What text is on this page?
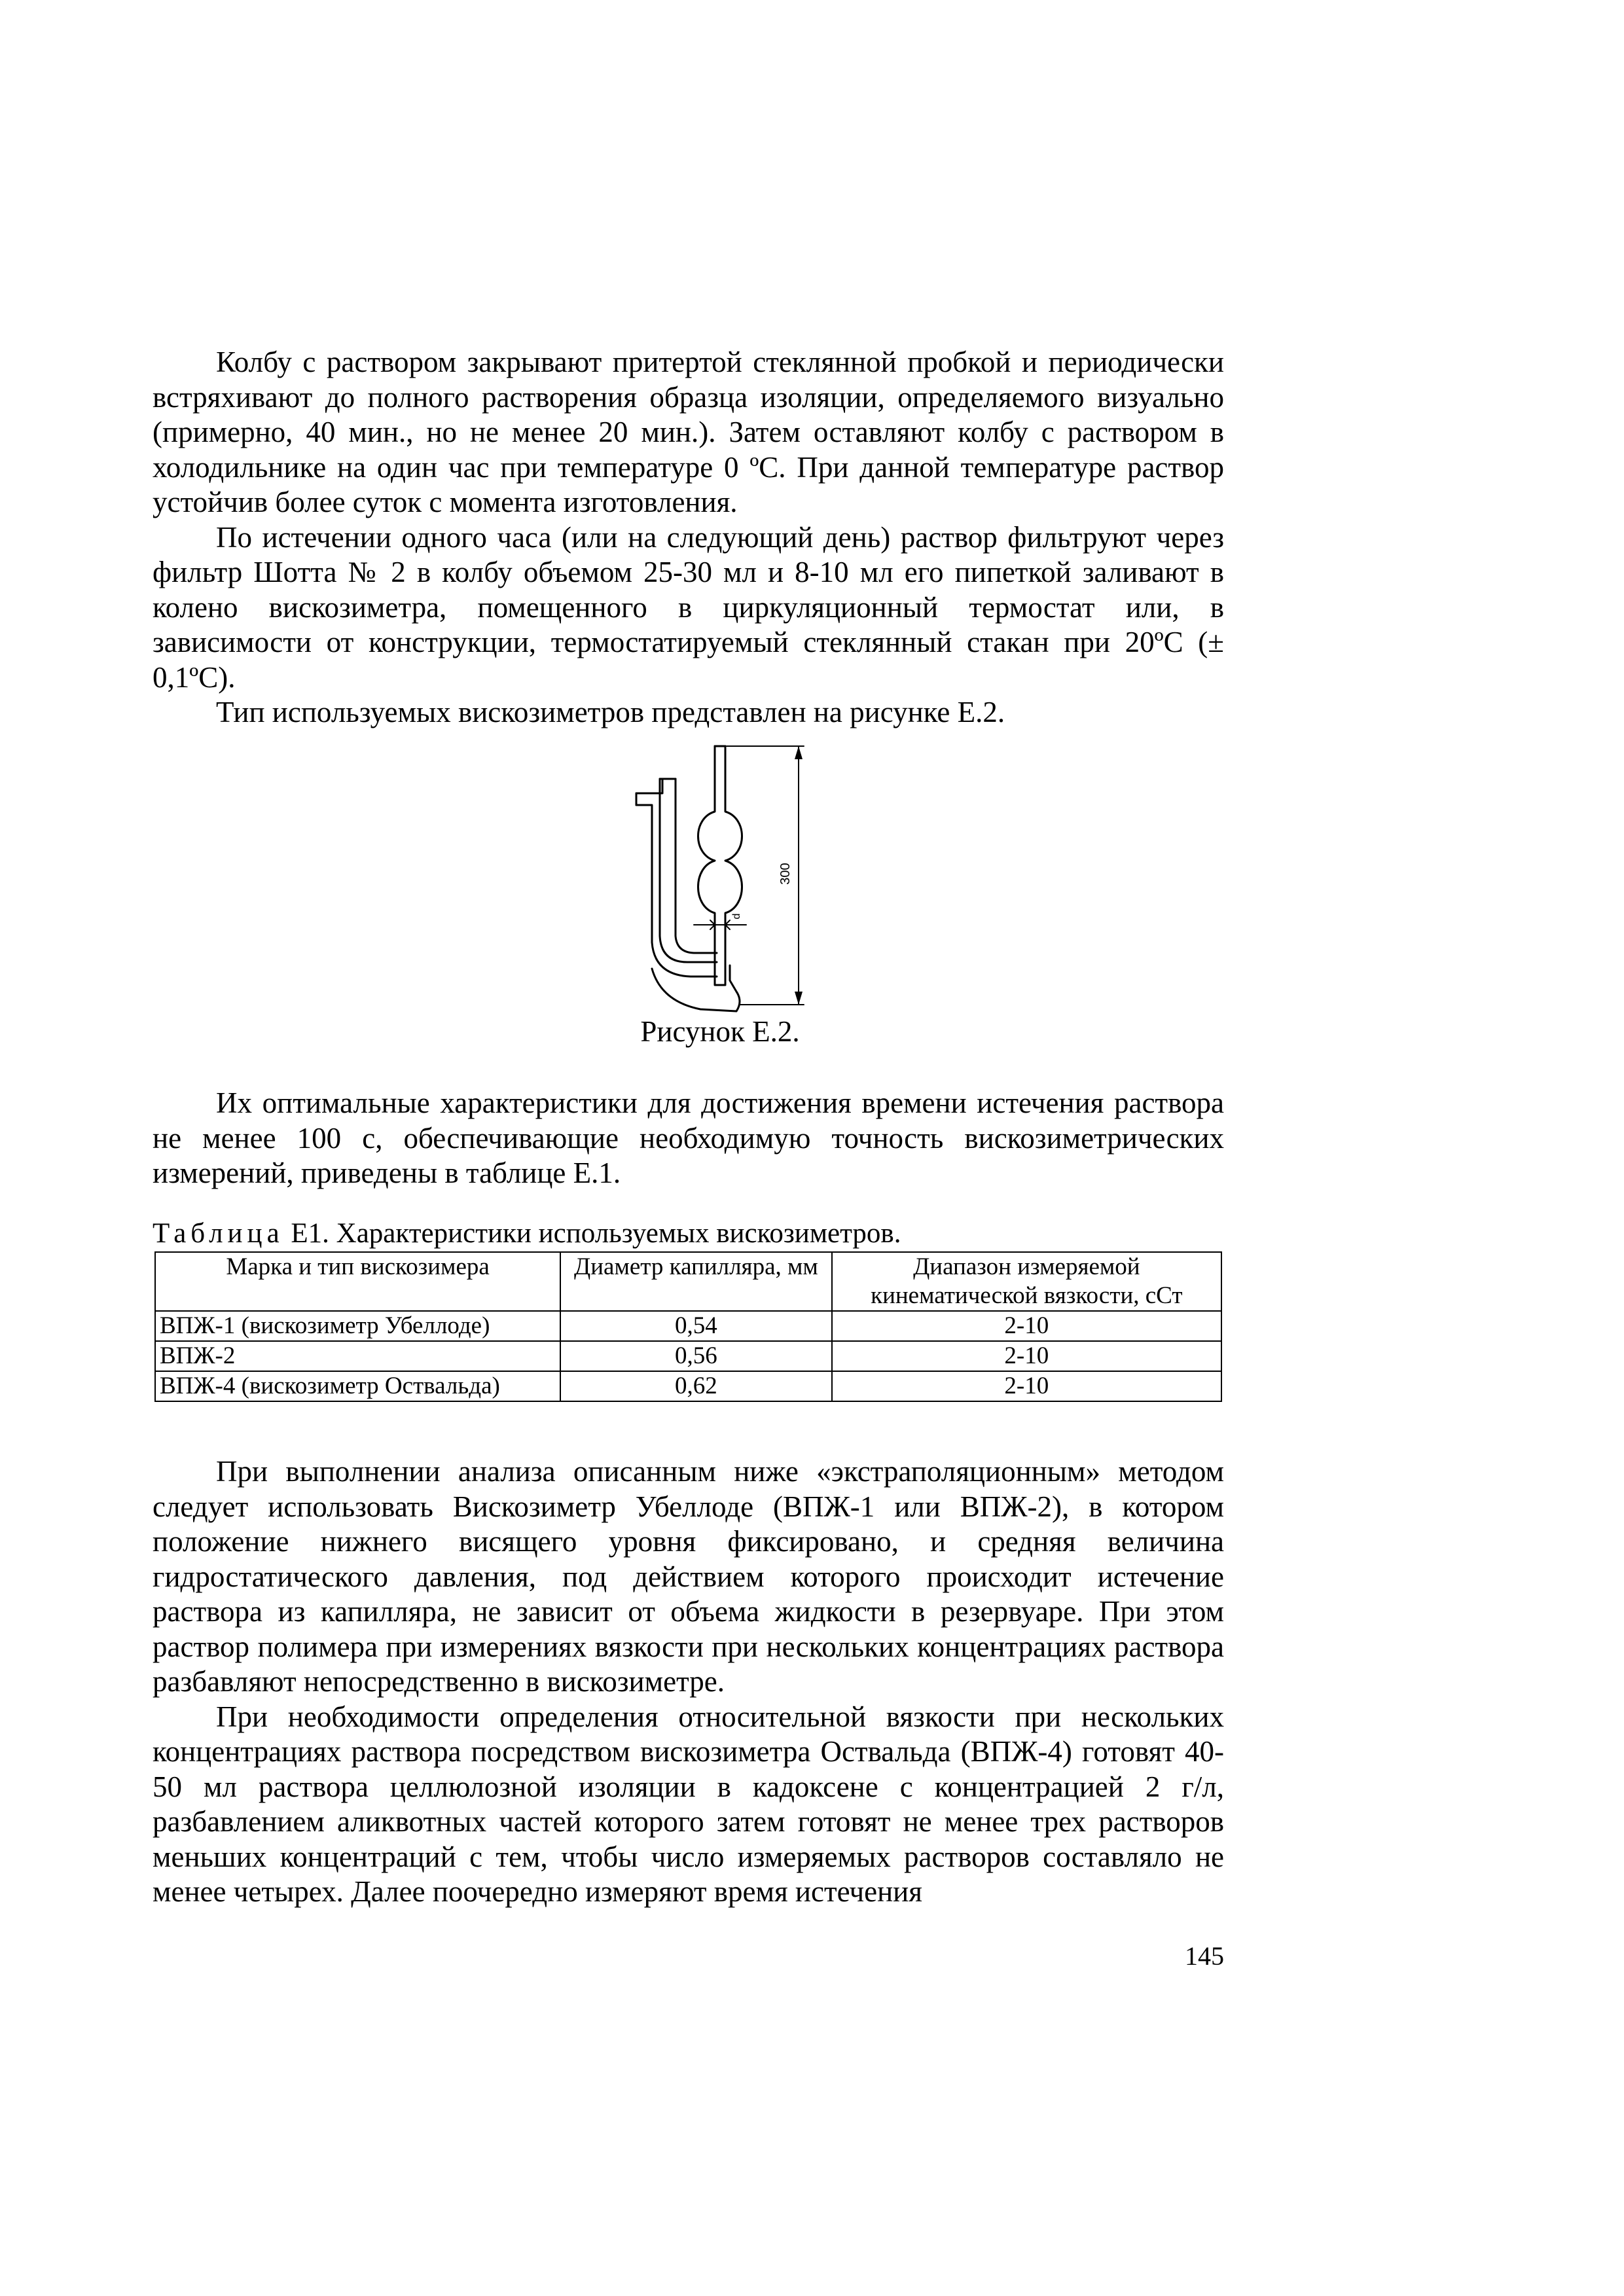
Колбу с раствором закрывают притертой стеклянной пробкой и периодически встряхивают до полного растворения образца изоляции, определяемого визуально (примерно, 40 мин., но не менее 20 мин.). Затем оставляют колбу с раствором в холодильнике на один час при температуре 0 ºС. При данной температуре раствор устойчив более суток с момента изготовления.

По истечении одного часа (или на следующий день) раствор фильтруют через фильтр Шотта № 2 в колбу объемом 25-30 мл и 8-10 мл его пипеткой заливают в колено вискозиметра, помещенного в циркуляционный термостат или, в зависимости от конструкции, термостатируемый стеклянный стакан при 20ºС (± 0,1ºС).

Тип используемых вискозиметров представлен на рисунке Е.2.

300
d
Рисунок Е.2.

Их оптимальные характеристики для достижения времени истечения раствора не менее 100 с, обеспечивающие необходимую точность вискозиметрических измерений, приведены в таблице Е.1.

Таблица Е1. Характеристики используемых вискозиметров.
Марка и тип вискозимера	Диаметр капилляра, мм	Диапазон измеряемой кинематической вязкости, сСт
ВПЖ-1 (вискозиметр Убеллоде)	0,54	2-10
ВПЖ-2	0,56	2-10
ВПЖ-4 (вискозиметр Оствальда)	0,62	2-10

При выполнении анализа описанным ниже «экстраполяционным» методом следует использовать Вискозиметр Убеллоде (ВПЖ-1 или ВПЖ-2), в котором положение нижнего висящего уровня фиксировано, и средняя величина гидростатического давления, под действием которого происходит истечение раствора из капилляра, не зависит от объема жидкости в резервуаре. При этом раствор полимера при измерениях вязкости при нескольких концентрациях раствора разбавляют непосредственно в вискозиметре.

При необходимости определения относительной вязкости при нескольких концентрациях раствора посредством вискозиметра Оствальда (ВПЖ-4) готовят 40-50 мл раствора целлюлозной изоляции в кадоксене с концентрацией 2 г/л, разбавлением аликвотных частей которого затем готовят не менее трех растворов меньших концентраций с тем, чтобы число измеряемых растворов составляло не менее четырех. Далее поочередно измеряют время истечения

145
